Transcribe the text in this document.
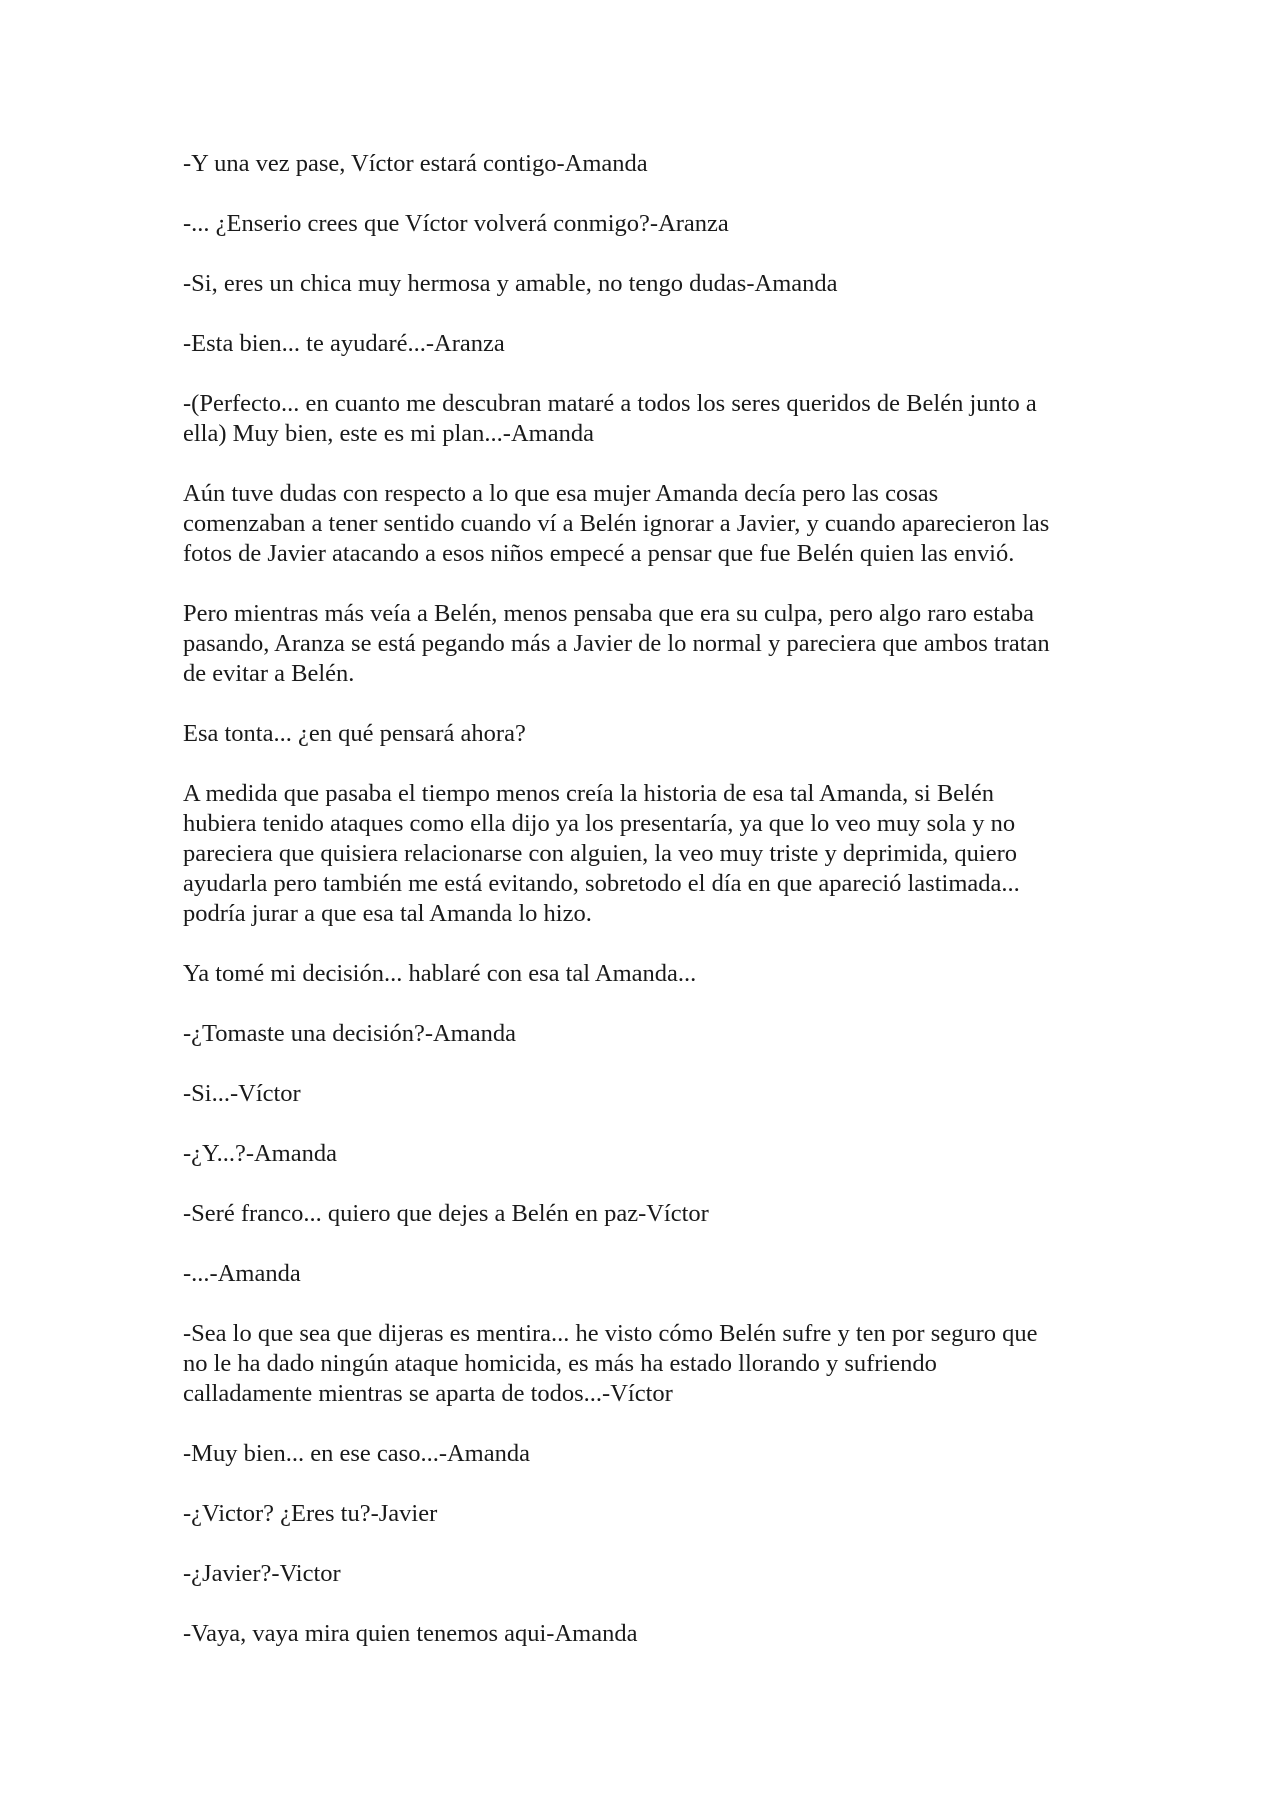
-Y una vez pase, Víctor estará contigo-Amanda

-... ¿Enserio crees que Víctor volverá conmigo?-Aranza

-Si, eres un chica muy hermosa y amable, no tengo dudas-Amanda

-Esta bien... te ayudaré...-Aranza

-(Perfecto... en cuanto me descubran mataré a todos los seres queridos de Belén junto a
ella) Muy bien, este es mi plan...-Amanda

Aún tuve dudas con respecto a lo que esa mujer Amanda decía pero las cosas
comenzaban a tener sentido cuando ví a Belén ignorar a Javier, y cuando aparecieron las
fotos de Javier atacando a esos niños empecé a pensar que fue Belén quien las envió.

Pero mientras más veía a Belén, menos pensaba que era su culpa, pero algo raro estaba
pasando, Aranza se está pegando más a Javier de lo normal y pareciera que ambos tratan
de evitar a Belén.

Esa tonta... ¿en qué pensará ahora?

A medida que pasaba el tiempo menos creía la historia de esa tal Amanda, si Belén
hubiera tenido ataques como ella dijo ya los presentaría, ya que lo veo muy sola y no
pareciera que quisiera relacionarse con alguien, la veo muy triste y deprimida, quiero
ayudarla pero también me está evitando, sobretodo el día en que apareció lastimada...
podría jurar a que esa tal Amanda lo hizo.

Ya tomé mi decisión... hablaré con esa tal Amanda...

-¿Tomaste una decisión?-Amanda

-Si...-Víctor

-¿Y...?-Amanda

-Seré franco... quiero que dejes a Belén en paz-Víctor

-...-Amanda

-Sea lo que sea que dijeras es mentira... he visto cómo Belén sufre y ten por seguro que
no le ha dado ningún ataque homicida, es más ha estado llorando y sufriendo
calladamente mientras se aparta de todos...-Víctor

-Muy bien... en ese caso...-Amanda

-¿Victor? ¿Eres tu?-Javier

-¿Javier?-Victor

-Vaya, vaya mira quien tenemos aqui-Amanda
